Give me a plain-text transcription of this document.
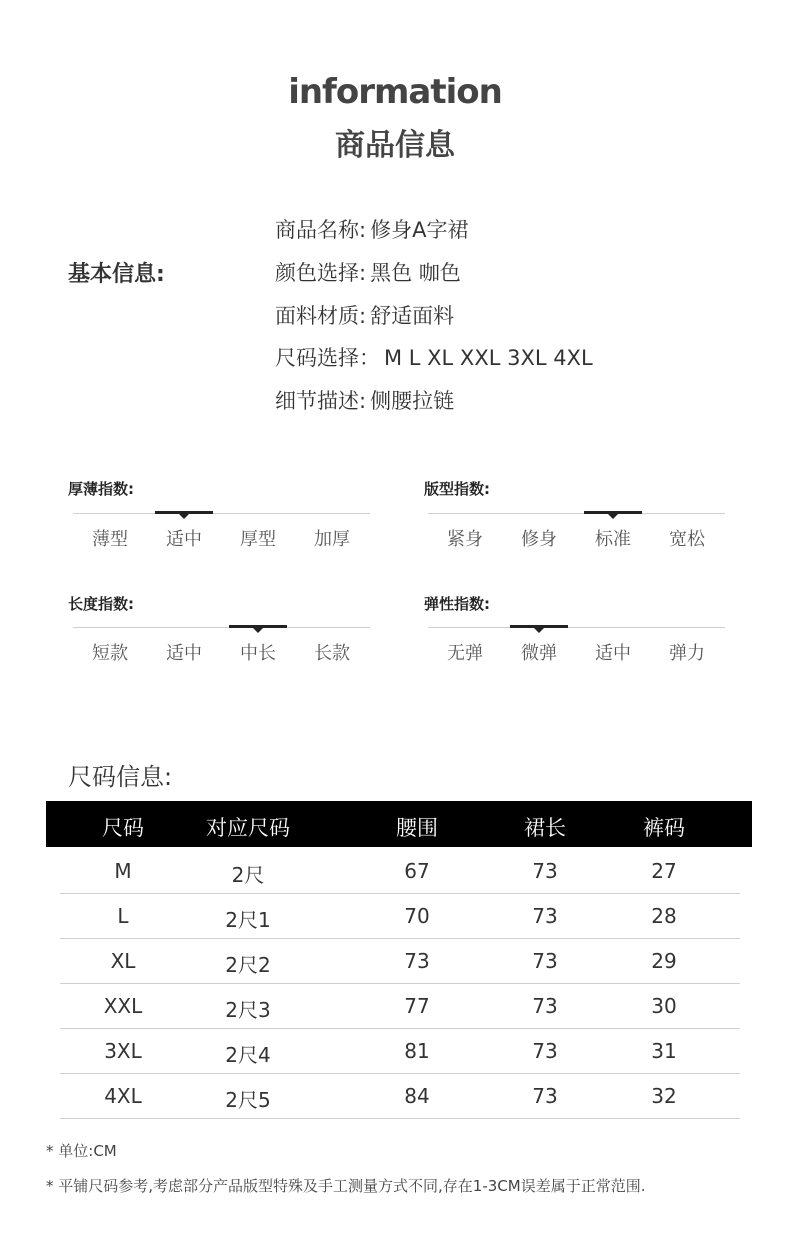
information
商品信息
基本信息:
商品名称: 修身A字裙
颜色选择: 黑色 咖色
面料材质: 舒适面料
尺码选择： M L XL XXL 3XL 4XL
细节描述: 侧腰拉链
厚薄指数:
薄型	适中	厚型	加厚
版型指数:
紧身	修身	标准	宽松
长度指数:
短款	适中	中长	长款
弹性指数:
无弹	微弹	适中	弹力
尺码信息:
尺码	对应尺码	腰围	裙长	裤码
M	2尺	67	73	27
L	2尺1	70	73	28
XL	2尺2	73	73	29
XXL	2尺3	77	73	30
3XL	2尺4	81	73	31
4XL	2尺5	84	73	32
* 单位:CM
* 平铺尺码参考,考虑部分产品版型特殊及手工测量方式不同,存在1-3CM误差属于正常范围.
